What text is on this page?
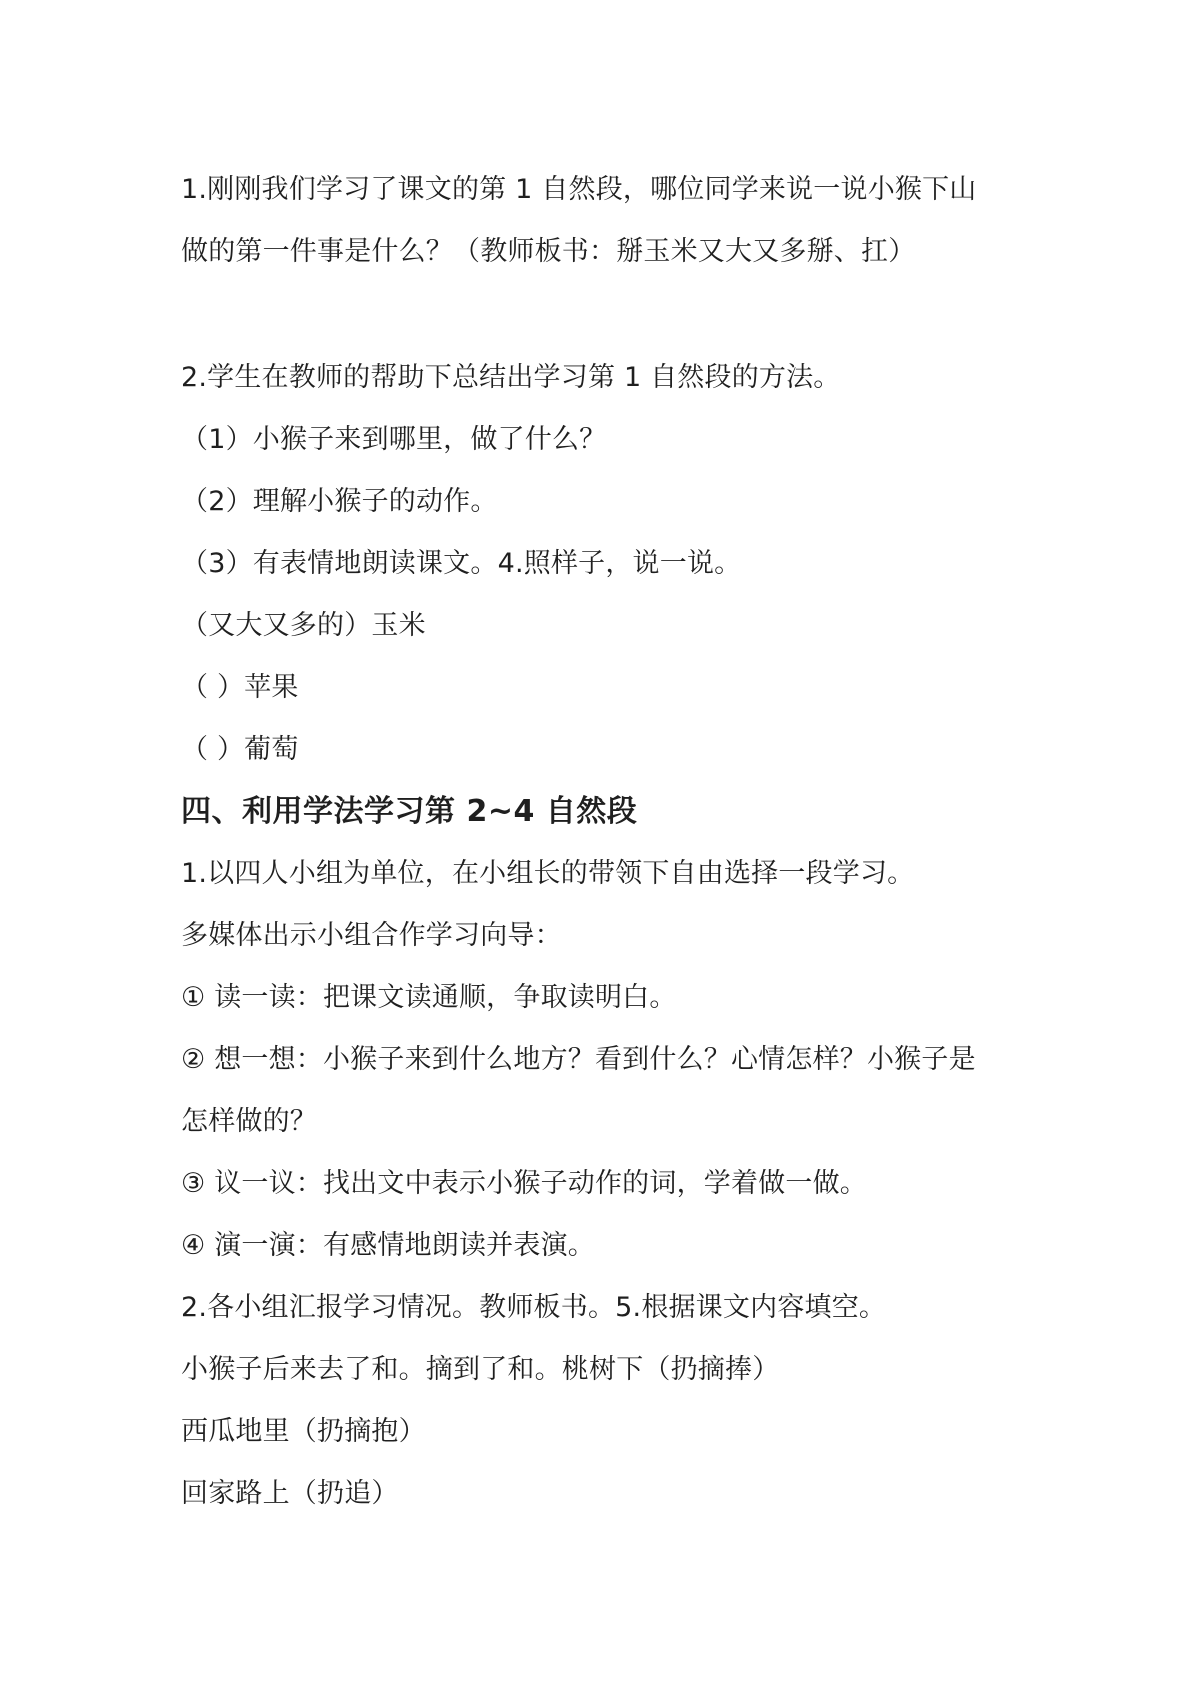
1.刚刚我们学习了课文的第 1 自然段，哪位同学来说一说小猴下山
做的第一件事是什么？（教师板书：掰玉米又大又多掰、扛）
2.学生在教师的帮助下总结出学习第 1 自然段的方法。
（1）小猴子来到哪里，做了什么？
（2）理解小猴子的动作。
（3）有表情地朗读课文。4.照样子，说一说。
（又大又多的）玉米
（ ）苹果
（ ）葡萄
四、利用学法学习第 2~4 自然段
1.以四人小组为单位，在小组长的带领下自由选择一段学习。
多媒体出示小组合作学习向导：
① 读一读：把课文读通顺，争取读明白。
② 想一想：小猴子来到什么地方？看到什么？心情怎样？小猴子是
怎样做的？
③ 议一议：找出文中表示小猴子动作的词，学着做一做。
④ 演一演：有感情地朗读并表演。
2.各小组汇报学习情况。教师板书。5.根据课文内容填空。
小猴子后来去了和。摘到了和。桃树下（扔摘捧）
西瓜地里（扔摘抱）
回家路上（扔追）
